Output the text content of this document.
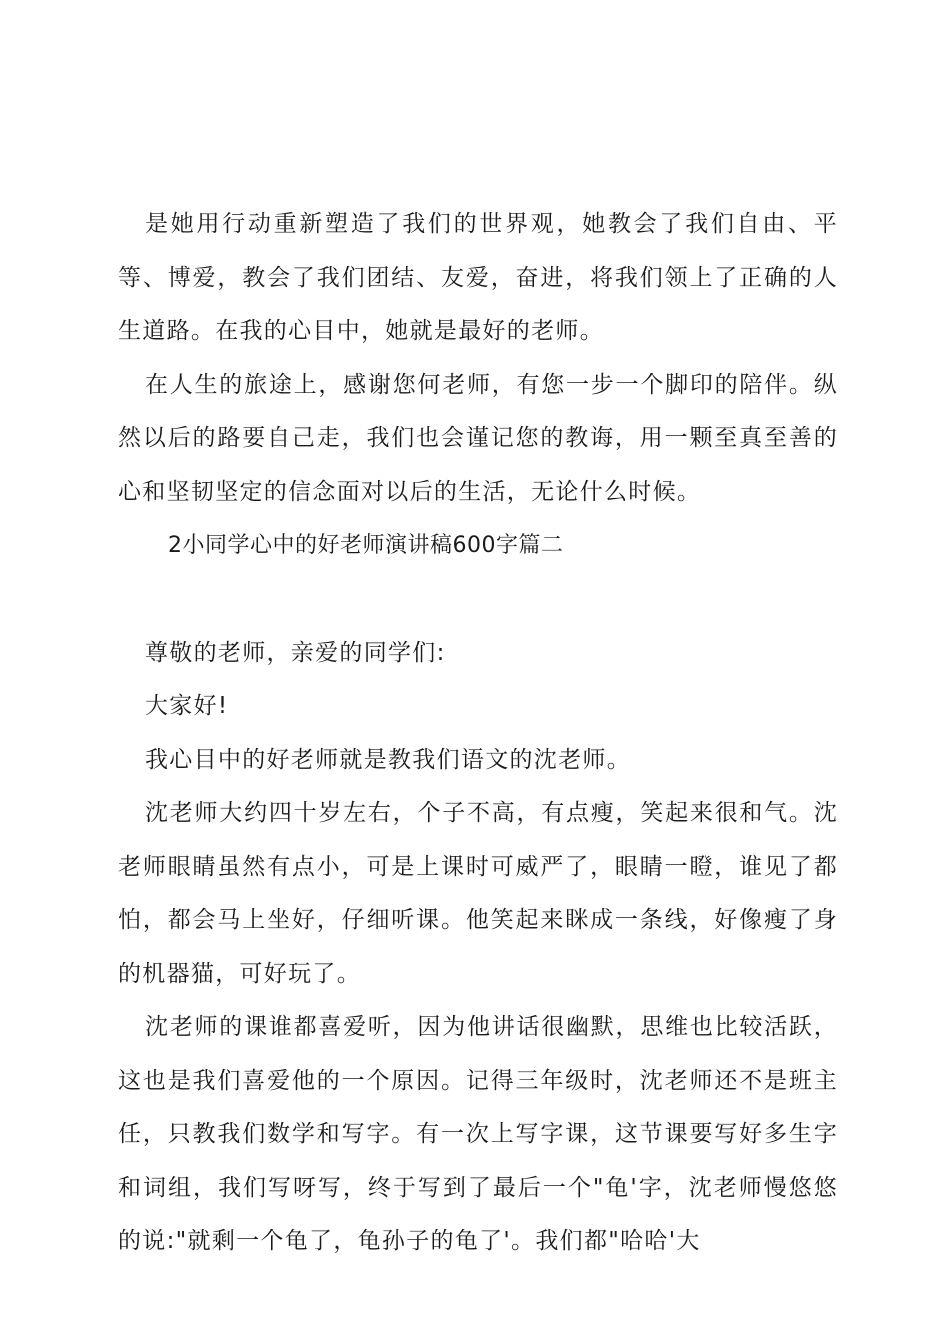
是她用行动重新塑造了我们的世界观，她教会了我们自由、平等、博爱，教会了我们团结、友爱，奋进，将我们领上了正确的人生道路。在我的心目中，她就是最好的老师。

在人生的旅途上，感谢您何老师，有您一步一个脚印的陪伴。纵然以后的路要自己走，我们也会谨记您的教诲，用一颗至真至善的心和坚韧坚定的信念面对以后的生活，无论什么时候。

2小同学心中的好老师演讲稿600字篇二

尊敬的老师，亲爱的同学们:

大家好!

我心目中的好老师就是教我们语文的沈老师。

沈老师大约四十岁左右，个子不高，有点瘦，笑起来很和气。沈老师眼睛虽然有点小，可是上课时可威严了，眼睛一瞪，谁见了都怕，都会马上坐好，仔细听课。他笑起来眯成一条线，好像瘦了身的机器猫，可好玩了。

沈老师的课谁都喜爱听，因为他讲话很幽默，思维也比较活跃，这也是我们喜爱他的一个原因。记得三年级时，沈老师还不是班主任，只教我们数学和写字。有一次上写字课，这节课要写好多生字和词组，我们写呀写，终于写到了最后一个"龟'字，沈老师慢悠悠的说:"就剩一个龟了，龟孙子的龟了'。我们都"哈哈'大
